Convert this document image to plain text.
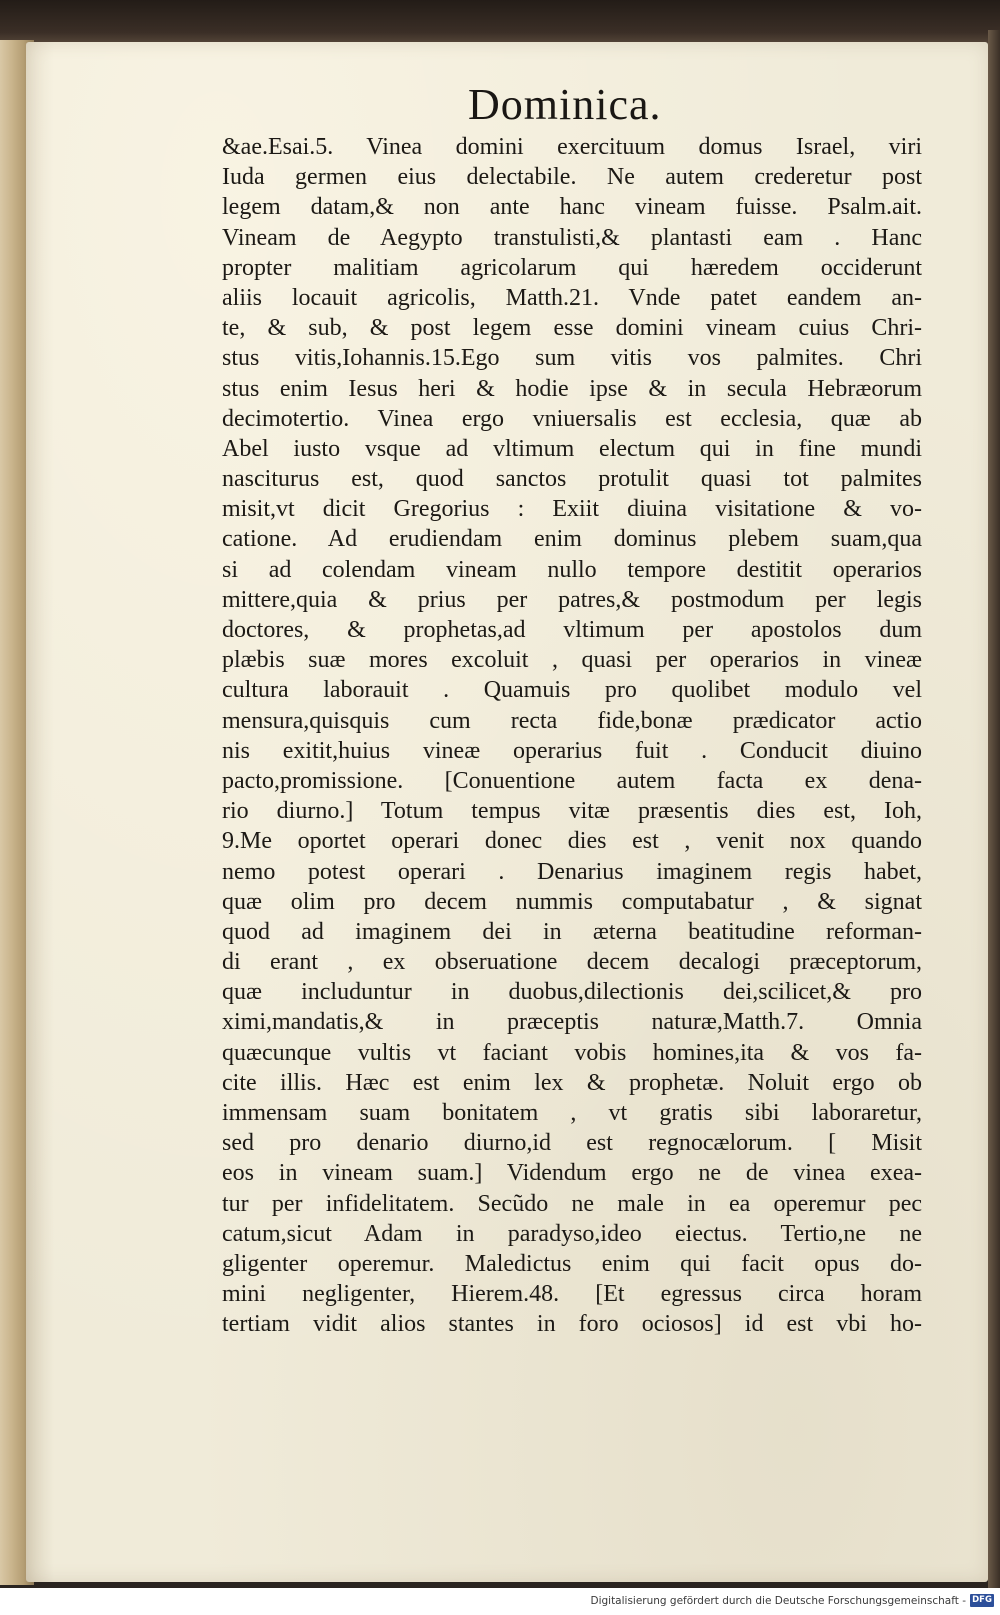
Dominica.
&ae.Esai.5. Vinea domini exercituum domus Israel, viri
Iuda germen eius delectabile. Ne autem crederetur post
legem datam,& non ante hanc vineam fuisse. Psalm.ait.
Vineam de Aegypto transtulisti,& plantasti eam . Hanc
propter malitiam agricolarum qui hæredem occiderunt
aliis locauit agricolis, Matth.21. Vnde patet eandem an-
te, & sub, & post legem esse domini vineam cuius Chri-
stus vitis,Iohannis.15.Ego sum vitis vos palmites. Chri
stus enim Iesus heri & hodie ipse & in secula Hebræorum
decimotertio. Vinea ergo vniuersalis est ecclesia, quæ ab
Abel iusto vsque ad vltimum electum qui in fine mundi
nasciturus est, quod sanctos protulit quasi tot palmites
misit,vt dicit Gregorius : Exiit diuina visitatione & vo-
catione. Ad erudiendam enim dominus plebem suam,qua
si ad colendam vineam nullo tempore destitit operarios
mittere,quia & prius per patres,& postmodum per legis
doctores, & prophetas,ad vltimum per apostolos dum
plæbis suæ mores excoluit , quasi per operarios in vineæ
cultura laborauit . Quamuis pro quolibet modulo vel
mensura,quisquis cum recta fide,bonæ prædicator actio
nis exitit,huius vineæ operarius fuit . Conducit diuino
pacto,promissione. [Conuentione autem facta ex dena-
rio diurno.] Totum tempus vitæ præsentis dies est, Ioh,
9.Me oportet operari donec dies est , venit nox quando
nemo potest operari . Denarius imaginem regis habet,
quæ olim pro decem nummis computabatur , & signat
quod ad imaginem dei in æterna beatitudine reforman-
di erant , ex obseruatione decem decalogi præceptorum,
quæ includuntur in duobus,dilectionis dei,scilicet,& pro
ximi,mandatis,& in præceptis naturæ,Matth.7. Omnia
quæcunque vultis vt faciant vobis homines,ita & vos fa-
cite illis. Hæc est enim lex & prophetæ. Noluit ergo ob
immensam suam bonitatem , vt gratis sibi laboraretur,
sed pro denario diurno,id est regnocælorum. [ Misit
eos in vineam suam.] Videndum ergo ne de vinea exea-
tur per infidelitatem. Secũdo ne male in ea operemur pec
catum,sicut Adam in paradyso,ideo eiectus. Tertio,ne ne
gligenter operemur. Maledictus enim qui facit opus do-
mini negligenter, Hierem.48. [Et egressus circa horam
tertiam vidit alios stantes in foro ociosos] id est vbi ho-
Digitalisierung gefördert durch die Deutsche Forschungsgemeinschaft - DFG
